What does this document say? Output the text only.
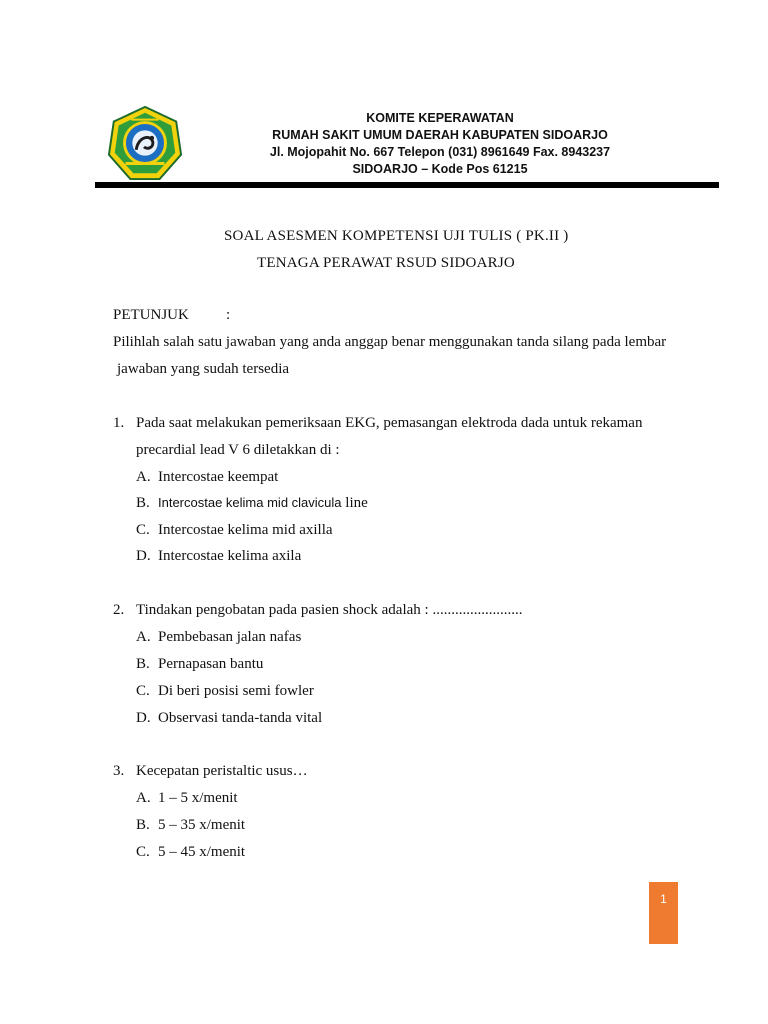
KOMITE KEPERAWATAN
RUMAH SAKIT UMUM DAERAH KABUPATEN SIDOARJO
Jl. Mojopahit No. 667 Telepon (031) 8961649 Fax. 8943237
SIDOARJO – Kode Pos 61215
SOAL ASESMEN KOMPETENSI UJI TULIS ( PK.II )
TENAGA PERAWAT RSUD SIDOARJO
PETUNJUK :
Pilihlah salah satu jawaban yang anda anggap benar menggunakan tanda silang pada lembar
jawaban yang sudah tersedia
1. Pada saat melakukan pemeriksaan EKG, pemasangan elektroda dada untuk rekaman
precardial lead V 6 diletakkan di :
A. Intercostae keempat
B. Intercostae kelima mid clavicula line
C. Intercostae kelima mid axilla
D. Intercostae kelima axila
2. Tindakan pengobatan pada pasien shock adalah : ........................
A. Pembebasan jalan nafas
B. Pernapasan bantu
C. Di beri posisi semi fowler
D. Observasi tanda-tanda vital
3. Kecepatan peristaltic usus…
A. 1 – 5 x/menit
B. 5 – 35 x/menit
C. 5 – 45 x/menit
1
